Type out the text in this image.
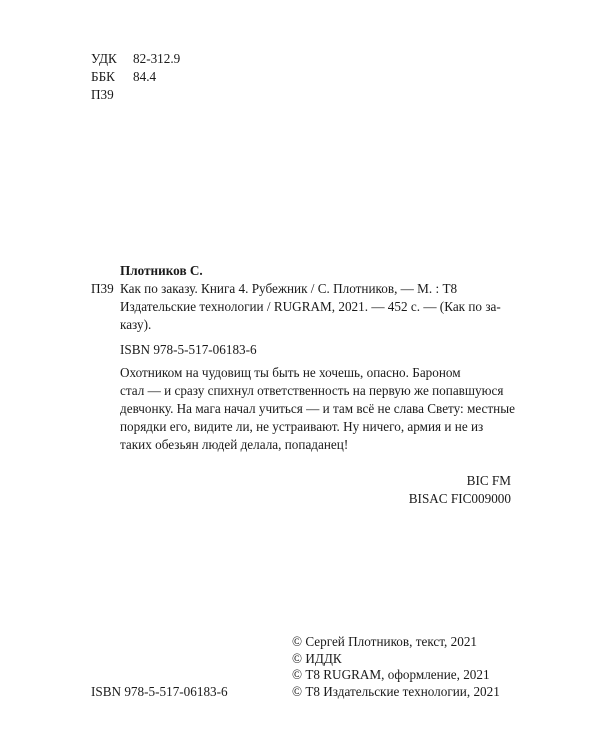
УДК	82-312.9
ББК	84.4
П39
Плотников С.
П39 Как по заказу. Книга 4. Рубежник / С. Плотников, — М. : Т8
Издательские технологии / RUGRAM, 2021. — 452 с. — (Как по за-
казу).
ISBN 978-5-517-06183-6
Охотником на чудовищ ты быть не хочешь, опасно. Бароном
стал — и сразу спихнул ответственность на первую же попавшуюся
девчонку. На мага начал учиться — и там всё не слава Свету: местные
порядки его, видите ли, не устраивают. Ну ничего, армия и не из
таких обезьян людей делала, попаданец!
BIC FM
BISAC FIC009000
© Сергей Плотников, текст, 2021
© ИДДК
© Т8 RUGRAM, оформление, 2021
© Т8 Издательские технологии, 2021
ISBN 978-5-517-06183-6
